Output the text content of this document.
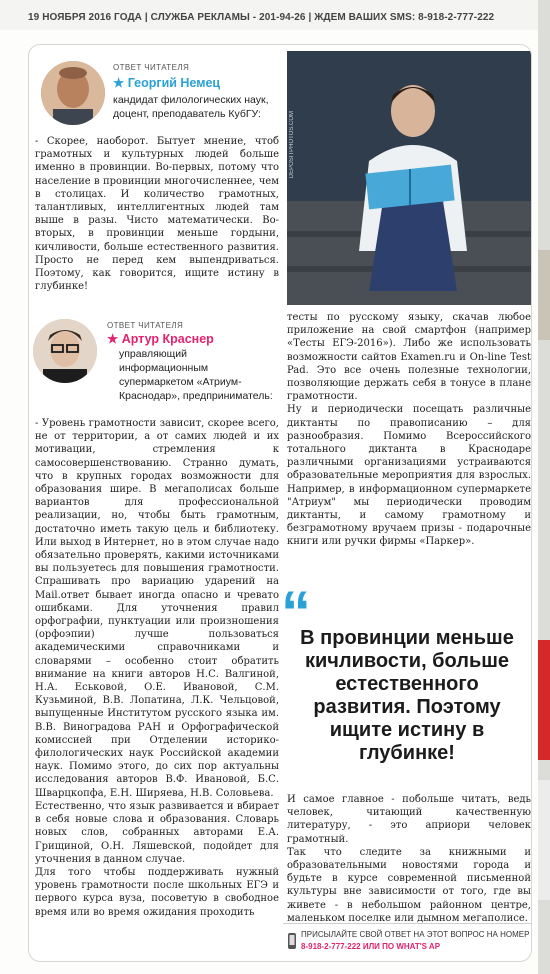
19 НОЯБРЯ 2016 ГОДА | СЛУЖБА РЕКЛАМЫ - 201-94-26 | ЖДЕМ ВАШИХ SMS: 8-918-2-777-222
ОТВЕТ ЧИТАТЕЛЯ
★ Георгий Немец
кандидат филологических наук, доцент, преподаватель КубГУ:

- Скорее, наоборот. Бытует мнение, чтоб грамотных и культурных людей больше именно в провинции. Во-первых, потому что население в провинции многочисленнее, чем в столицах. И количество грамотных, талантливых, интеллигентных людей там выше в разы. Чисто математически. Во-вторых, в провинции меньше гордыни, кичливости, больше естественного развития. Просто не перед кем выпендриваться. Поэтому, как говорится, ищите истину в глубинке!

DEPOSITPHOTOS.COM
ОТВЕТ ЧИТАТЕЛЯ
★ Артур Краснер
управляющий информационным супермаркетом «Атриум-Краснодар», предприниматель:

- Уровень грамотности зависит, скорее всего, не от территории, а от самих людей и их мотивации, стремления к самосовершенствованию. Странно думать, что в крупных городах возможности для образования шире. В мегаполисах больше вариантов для профессиональной реализации, но, чтобы быть грамотным, достаточно иметь такую цель и библиотеку. Или выход в Интернет, но в этом случае надо обязательно проверять, какими источниками вы пользуетесь для повышения грамотности. Спрашивать про вариацию ударений на Mail.ответ бывает иногда опасно и чревато ошибками. Для уточнения правил орфографии, пунктуации или произношения (орфоэпии) лучше пользоваться академическими справочниками и словарями – особенно стоит обратить внимание на книги авторов Н.С. Валгиной, Н.А. Еськовой, О.Е. Ивановой, С.М. Кузьминой, В.В. Лопатина, Л.К. Чельцовой, выпущенные Институтом русского языка им. В.В. Виноградова РАН и Орфографической комиссией при Отделении историко-филологических наук Российской академии наук. Помимо этого, до сих пор актуальны исследования авторов В.Ф. Ивановой, Б.С. Шварцкопфа, Е.Н. Ширяева, Н.В. Соловьева.

Естественно, что язык развивается и вбирает в себя новые слова и образования. Словарь новых слов, собранных авторами Е.А. Грищиной, О.Н. Ляшевской, подойдет для уточнения в данном случае.

Для того чтобы поддерживать нужный уровень грамотности после школьных ЕГЭ и первого курса вуза, посоветую в свободное время или во время ожидания проходить

тесты по русскому языку, скачав любое приложение на свой смартфон (например «Тесты ЕГЭ-2016»). Либо же использовать возможности сайтов Examen.ru и On-line Test Pad. Это все очень полезные технологии, позволяющие держать себя в тонусе в плане грамотности.

Ну и периодически посещать различные диктанты по правописанию – для разнообразия. Помимо Всероссийского тотального диктанта в Краснодаре различными организациями устраиваются образовательные мероприятия для взрослых. Например, в информационном супермаркете "Атриум" мы периодически проводим диктанты, и самому грамотному и безграмотному вручаем призы - подарочные книги или ручки фирмы «Паркер».

“
В провинции меньше кичливости, больше естественного развития. Поэтому ищите истину в глубинке!

И самое главное - побольше читать, ведь человек, читающий качественную литературу, - это априори человек грамотный.

Так что следите за книжными и образовательными новостями города и будьте в курсе современной письменной культуры вне зависимости от того, где вы живете - в небольшом районном центре, маленьком поселке или дымном мегаполисе.

ПРИСЫЛАЙТЕ СВОЙ ОТВЕТ НА ЭТОТ ВОПРОС НА НОМЕР
8-918-2-777-222 ИЛИ ПО WHAT'S AP
